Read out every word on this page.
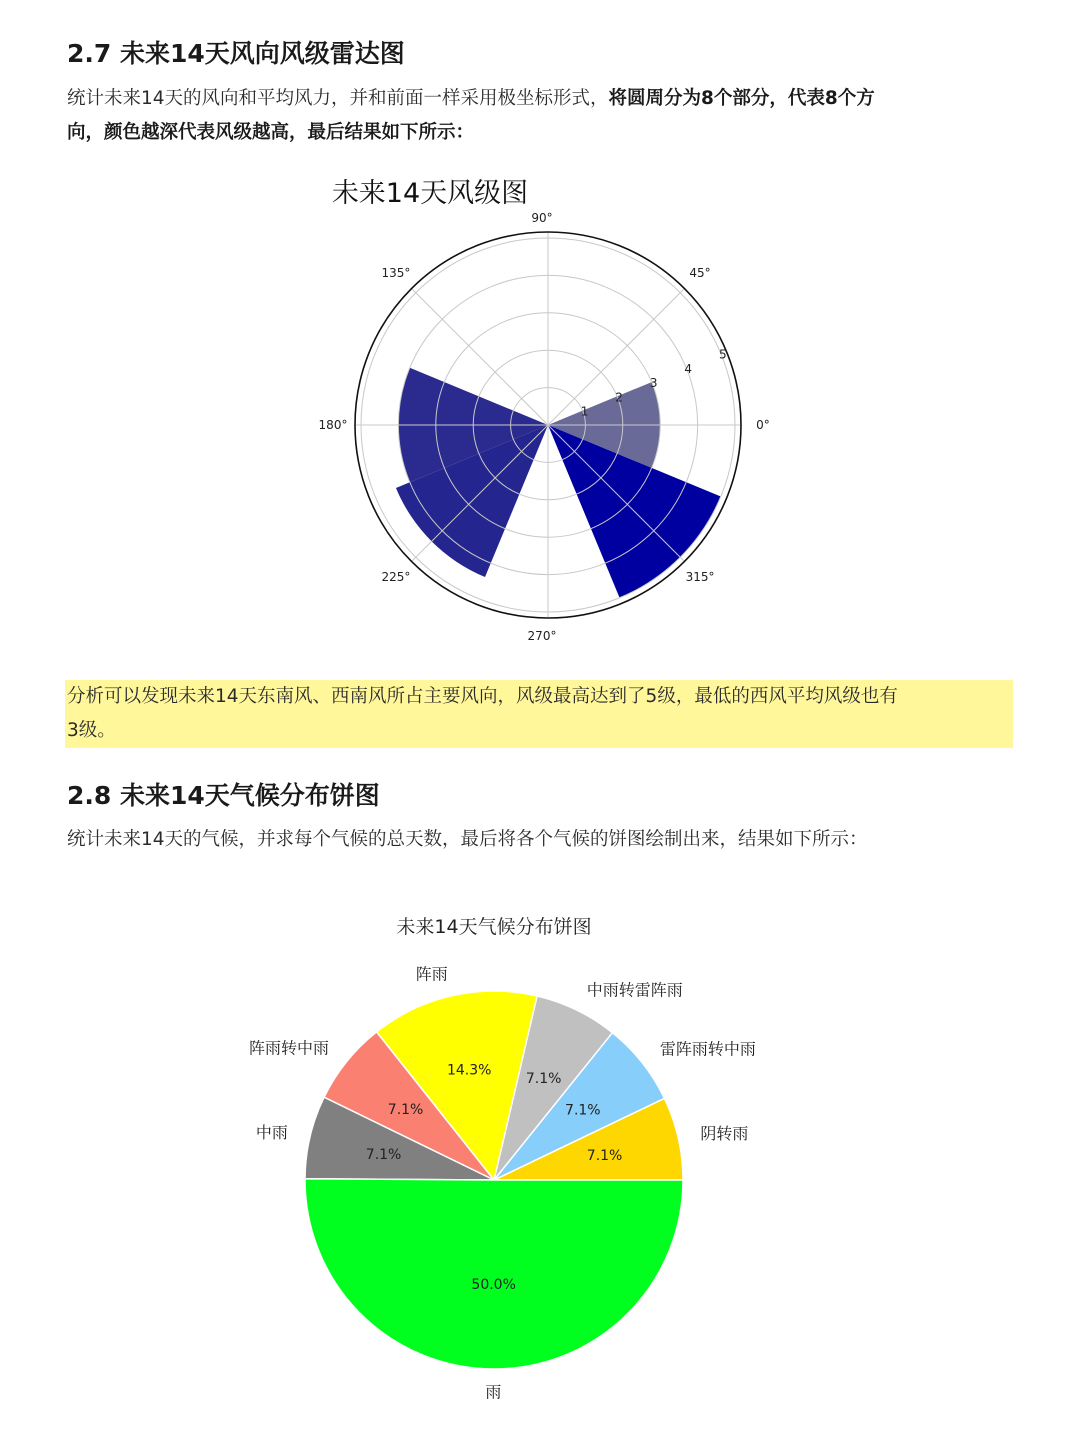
2.7 未来14天风向风级雷达图

统计未来14天的风向和平均风力，并和前面一样采用极坐标形式，将圆周分为8个部分，代表8个方
向，颜色越深代表风级越高，最后结果如下所示：

未来14天风级图
1
2
3
4
5
0°
45°
90°
135°
180°
225°
270°
315°

分析可以发现未来14天东南风、西南风所占主要风向，风级最高达到了5级，最低的西风平均风级也有

3级。

2.8 未来14天气候分布饼图

统计未来14天的气候，并求每个气候的总天数，最后将各个气候的饼图绘制出来，结果如下所示：

未来14天气候分布饼图
7.1%
阴转雨
7.1%
雷阵雨转中雨
7.1%
中雨转雷阵雨
14.3%
阵雨
7.1%
阵雨转中雨
7.1%
中雨
50.0%
雨
